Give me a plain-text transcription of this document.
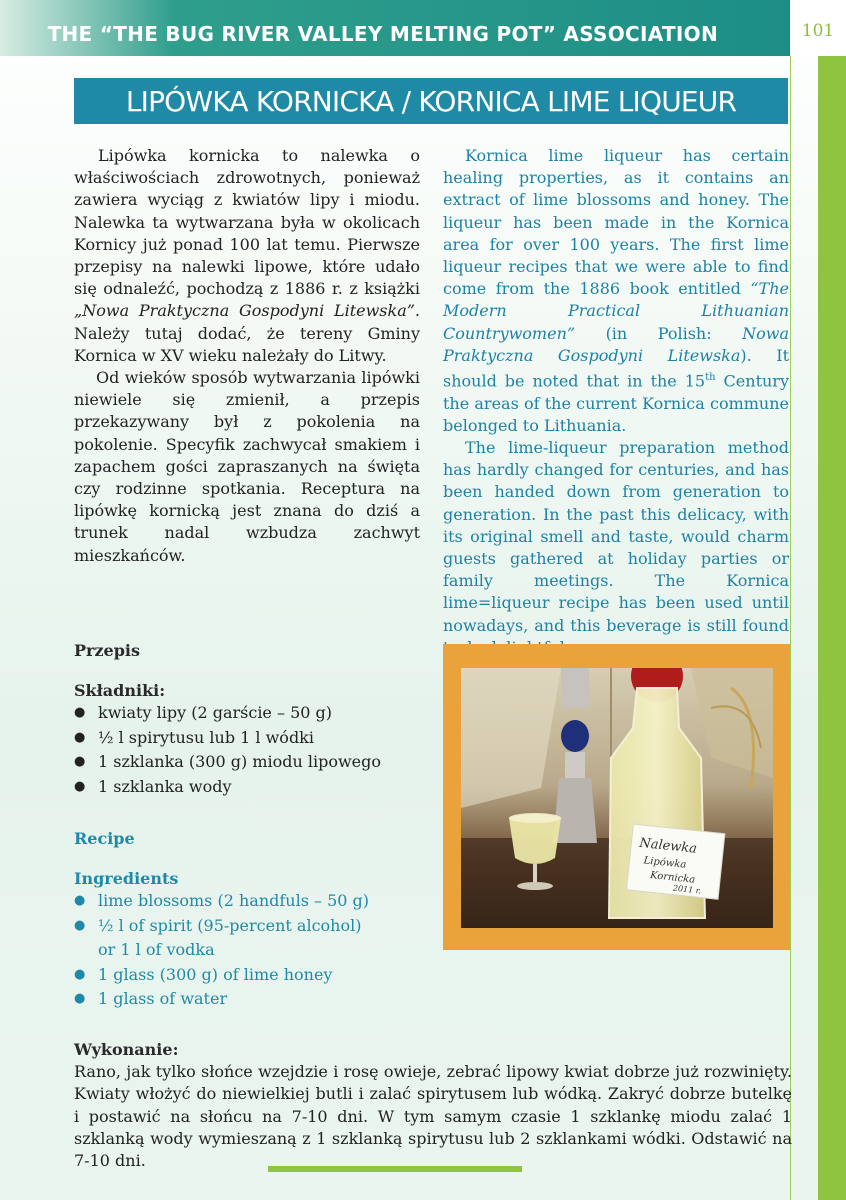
THE “THE BUG RIVER VALLEY MELTING POT” ASSOCIATION	101
LIPÓWKA KORNICKA / KORNICA LIME LIQUEUR

Lipówka kornicka to nalewka o właściwościach zdrowotnych, ponieważ zawiera wyciąg z kwiatów lipy i miodu. Nalewka ta wytwarzana była w okolicach Kornicy już ponad 100 lat temu. Pierwsze przepisy na nalewki lipowe, które udało się odnaleźć, pochodzą z 1886 r. z książki „Nowa Praktyczna Gospodyni Litewska”. Należy tutaj dodać, że tereny Gminy Kornica w XV wieku należały do Litwy.

Od wieków sposób wytwarzania lipówki niewiele się zmienił, a przepis przekazywany był z pokolenia na pokolenie. Specyfik zachwycał smakiem i zapachem gości zapraszanych na święta czy rodzinne spotkania. Receptura na lipówkę kornicką jest znana do dziś a trunek nadal wzbudza zachwyt mieszkańców.

Kornica lime liqueur has certain healing properties, as it contains an extract of lime blossoms and honey. The liqueur has been made in the Kornica area for over 100 years. The first lime liqueur recipes that we were able to find come from the 1886 book entitled “The Modern Practical Lithuanian Countrywomen” (in Polish: Nowa Praktyczna Gospodyni Litewska). It should be noted that in the 15th Century the areas of the current Kornica commune belonged to Lithuania.

The lime-liqueur preparation method has hardly changed for centuries, and has been handed down from generation to generation. In the past this delicacy, with its original smell and taste, would charm guests gathered at holiday parties or family meetings. The Kornica lime=liqueur recipe has been used until nowadays, and this beverage is still found

Przepis
Składniki:
● kwiaty lipy (2 garście – 50 g)
● ½ l spirytusu lub 1 l wódki
● 1 szklanka (300 g) miodu lipowego
● 1 szklanka wody
Recipe
Ingredients
● lime blossoms (2 handfuls – 50 g)
● ½ l of spirit (95-percent alcohol) or 1 l of vodka
● 1 glass (300 g) of lime honey
● 1 glass of water
Nalewka
Lipówka
Kornicka
2011 r.
Wykonanie:
Rano, jak tylko słońce wzejdzie i rosę owieje, zebrać lipowy kwiat dobrze już rozwinięty. Kwiaty włożyć do niewielkiej butli i zalać spirytusem lub wódką. Zakryć dobrze butelkę i postawić na słońcu na 7-10 dni. W tym samym czasie 1 szklankę miodu zalać 1 szklanką wody wymieszaną z 1 szklanką spirytusu lub 2 szklankami wódki. Odstawić na 7-10 dni.
